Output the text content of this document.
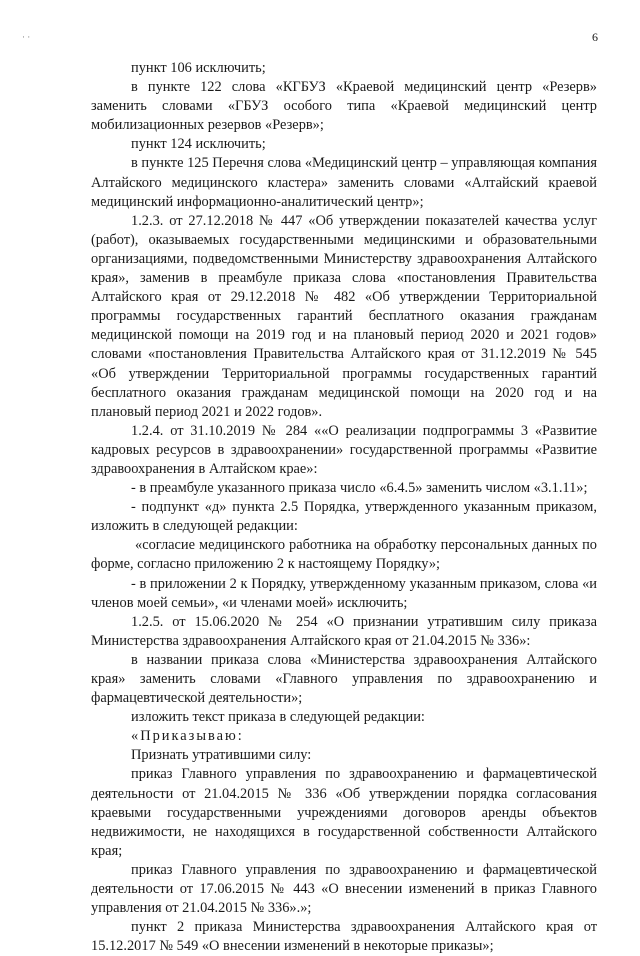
· ·	6

пункт 106 исключить;

в пункте 122 слова «КГБУЗ «Краевой медицинский центр «Резерв» заменить словами «ГБУЗ особого типа «Краевой медицинский центр мобилизационных резервов «Резерв»;

пункт 124 исключить;

в пункте 125 Перечня слова «Медицинский центр – управляющая компания Алтайского медицинского кластера» заменить словами «Алтайский краевой медицинский информационно-аналитический центр»;

1.2.3. от 27.12.2018 № 447 «Об утверждении показателей качества услуг (работ), оказываемых государственными медицинскими и образовательными организациями, подведомственными Министерству здравоохранения Алтайского края», заменив в преамбуле приказа слова «постановления Правительства Алтайского края от 29.12.2018 № 482 «Об утверждении Территориальной программы государственных гарантий бесплатного оказания гражданам медицинской помощи на 2019 год и на плановый период 2020 и 2021 годов» словами «постановления Правительства Алтайского края от 31.12.2019 № 545 «Об утверждении Территориальной программы государственных гарантий бесплатного оказания гражданам медицинской помощи на 2020 год и на плановый период 2021 и 2022 годов».

1.2.4. от 31.10.2019 № 284 ««О реализации подпрограммы 3 «Развитие кадровых ресурсов в здравоохранении» государственной программы «Развитие здравоохранения в Алтайском крае»:

- в преамбуле указанного приказа число «6.4.5» заменить числом «3.1.11»;

- подпункт «д» пункта 2.5 Порядка, утвержденного указанным приказом, изложить в следующей редакции:

«согласие медицинского работника на обработку персональных данных по форме, согласно приложению 2 к настоящему Порядку»;

- в приложении 2 к Порядку, утвержденному указанным приказом, слова «и членов моей семьи», «и членами моей» исключить;

1.2.5. от 15.06.2020 № 254 «О признании утратившим силу приказа Министерства здравоохранения Алтайского края от 21.04.2015 № 336»:

в названии приказа слова «Министерства здравоохранения Алтайского края» заменить словами «Главного управления по здравоохранению и фармацевтической деятельности»;

изложить текст приказа в следующей редакции:

«Приказываю:

Признать утратившими силу:

приказ Главного управления по здравоохранению и фармацевтической деятельности от 21.04.2015 № 336 «Об утверждении порядка согласования краевыми государственными учреждениями договоров аренды объектов недвижимости, не находящихся в государственной собственности Алтайского края;

приказ Главного управления по здравоохранению и фармацевтической деятельности от 17.06.2015 № 443 «О внесении изменений в приказ Главного управления от 21.04.2015 № 336».»;

пункт 2 приказа Министерства здравоохранения Алтайского края от 15.12.2017 № 549 «О внесении изменений в некоторые приказы»;
